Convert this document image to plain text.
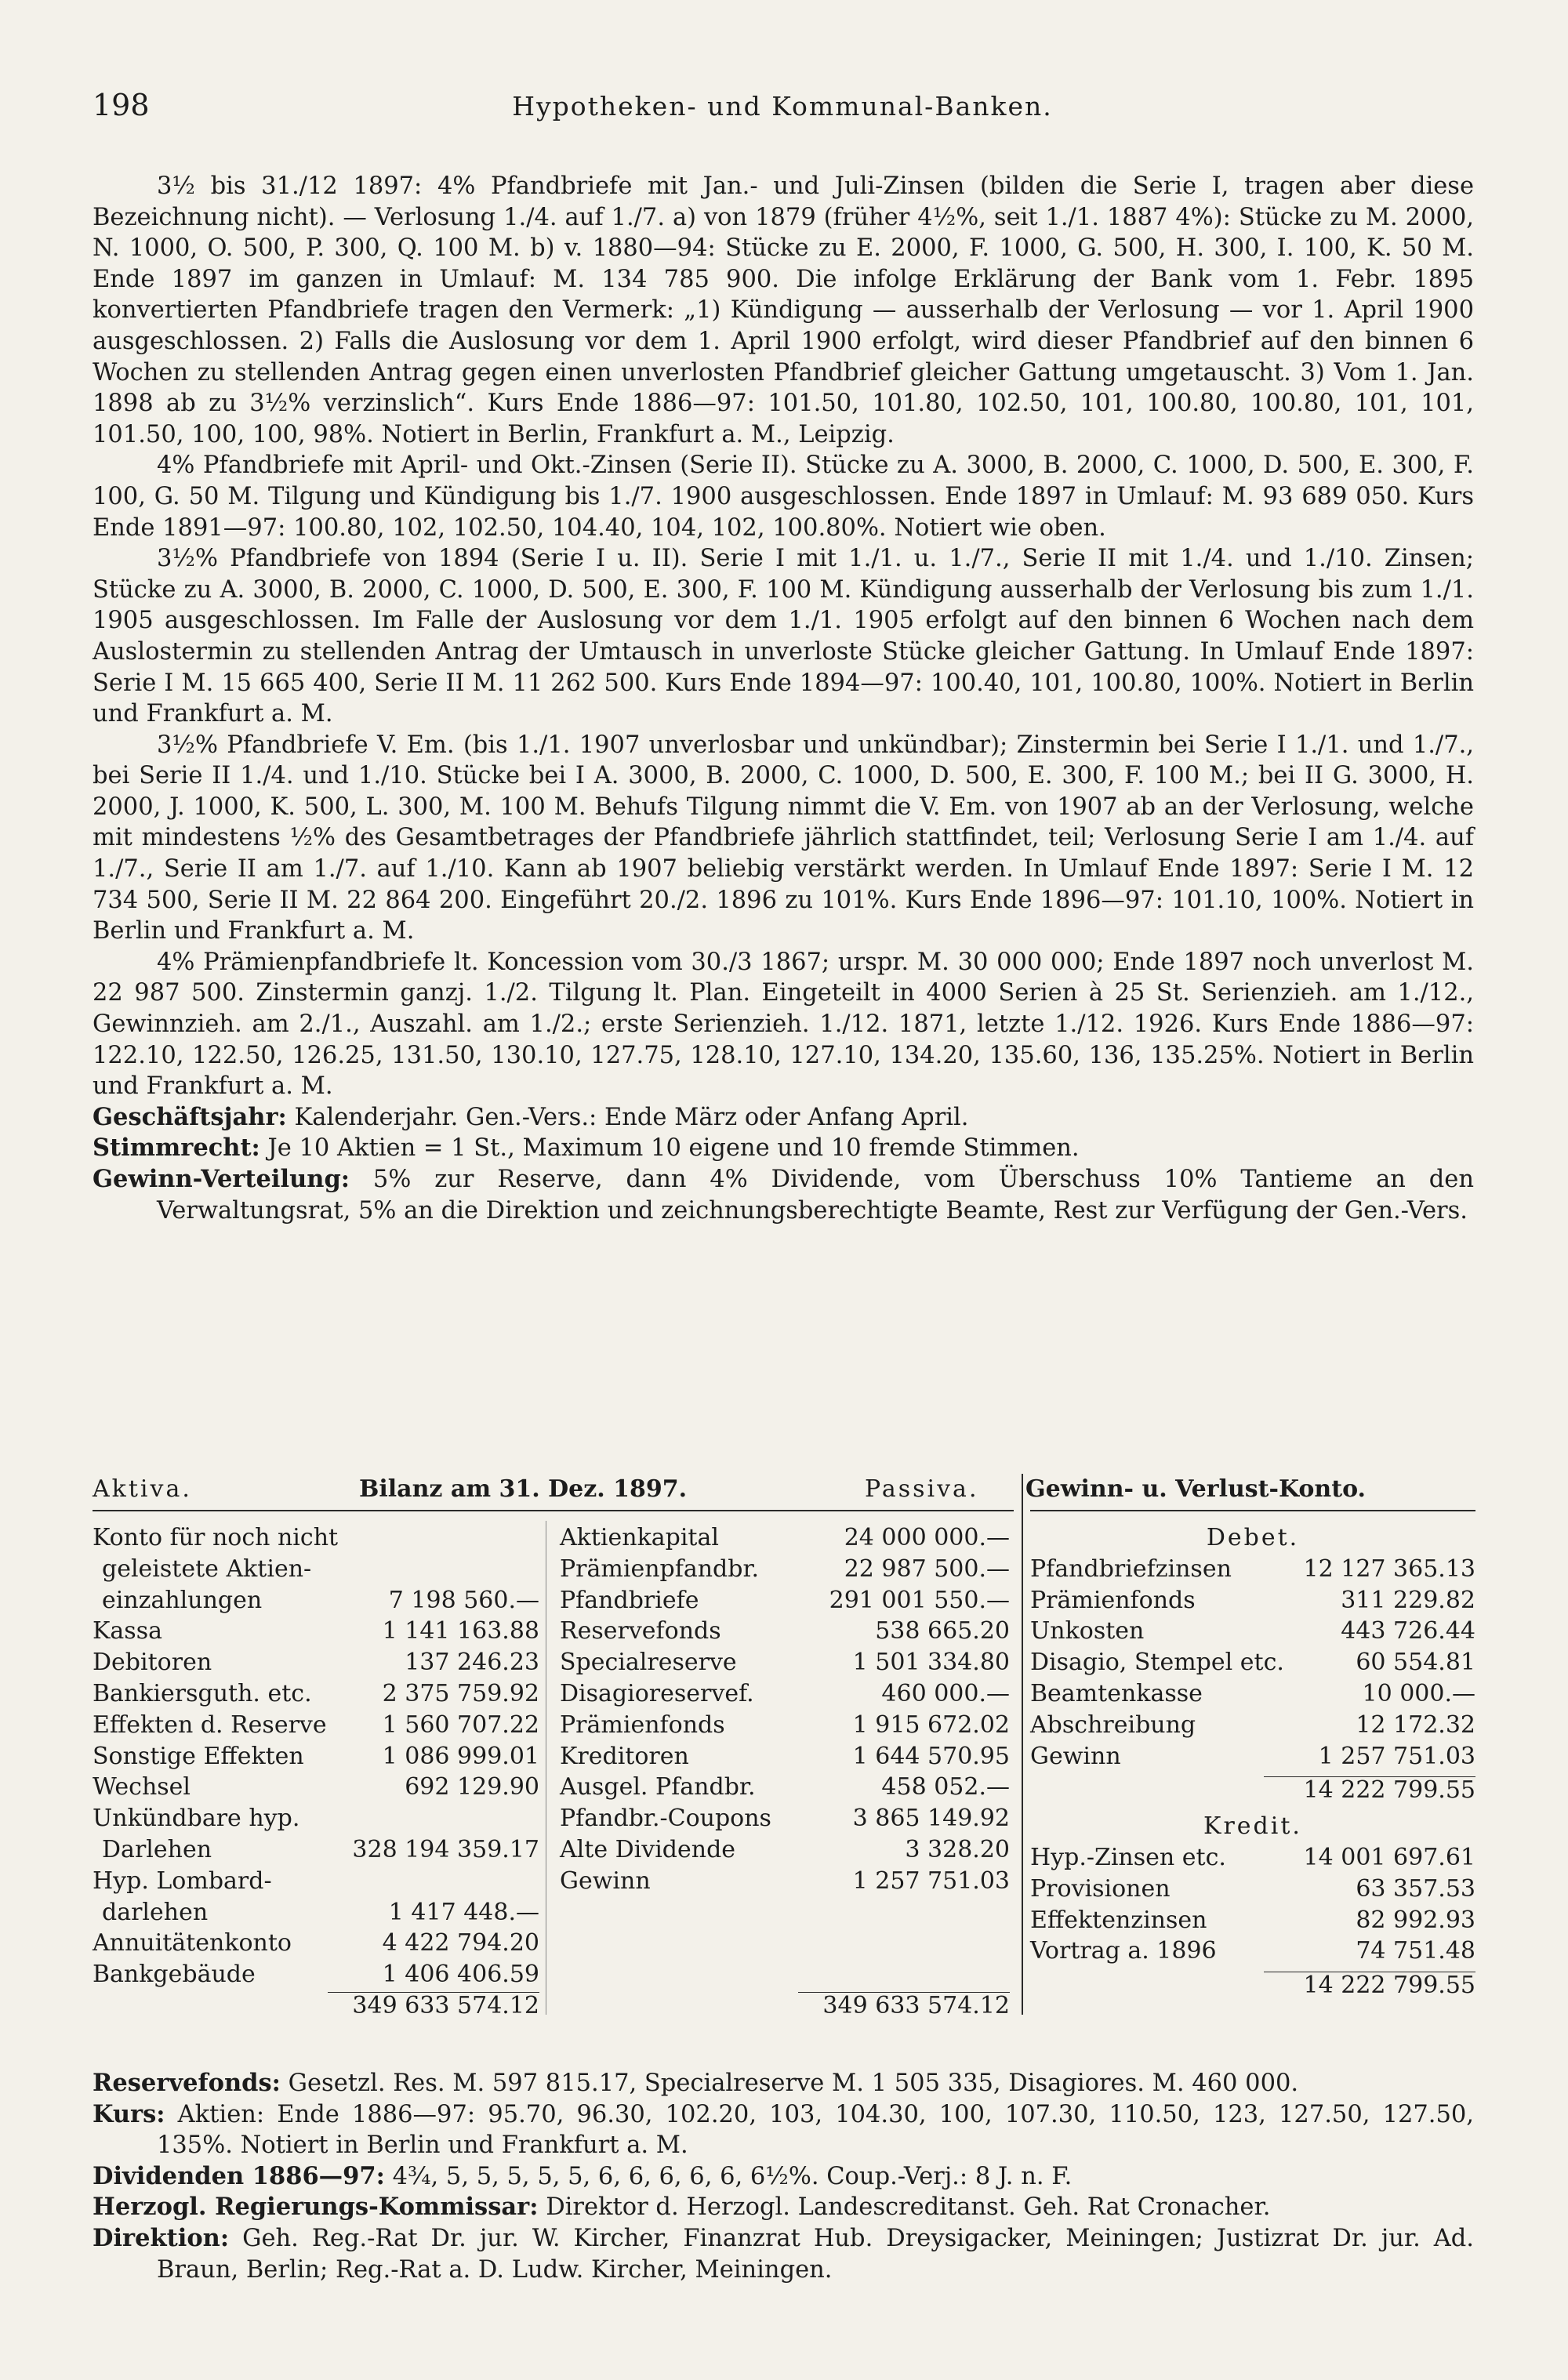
198	Hypotheken- und Kommunal-Banken.

3½ bis 31./12 1897: 4% Pfandbriefe mit Jan.- und Juli-Zinsen (bilden die Serie I, tragen aber diese Bezeichnung nicht). — Verlosung 1./4. auf 1./7. a) von 1879 (früher 4½%, seit 1./1. 1887 4%): Stücke zu M. 2000, N. 1000, O. 500, P. 300, Q. 100 M. b) v. 1880—94: Stücke zu E. 2000, F. 1000, G. 500, H. 300, I. 100, K. 50 M. Ende 1897 im ganzen in Umlauf: M. 134 785 900. Die infolge Erklärung der Bank vom 1. Febr. 1895 konvertierten Pfandbriefe tragen den Vermerk: „1) Kündigung — ausserhalb der Verlosung — vor 1. April 1900 ausgeschlossen. 2) Falls die Auslosung vor dem 1. April 1900 erfolgt, wird dieser Pfandbrief auf den binnen 6 Wochen zu stellenden Antrag gegen einen unverlosten Pfandbrief gleicher Gattung umgetauscht. 3) Vom 1. Jan. 1898 ab zu 3½% verzinslich“. Kurs Ende 1886—97: 101.50, 101.80, 102.50, 101, 100.80, 100.80, 101, 101, 101.50, 100, 100, 98%. Notiert in Berlin, Frankfurt a. M., Leipzig.

4% Pfandbriefe mit April- und Okt.-Zinsen (Serie II). Stücke zu A. 3000, B. 2000, C. 1000, D. 500, E. 300, F. 100, G. 50 M. Tilgung und Kündigung bis 1./7. 1900 ausgeschlossen. Ende 1897 in Umlauf: M. 93 689 050. Kurs Ende 1891—97: 100.80, 102, 102.50, 104.40, 104, 102, 100.80%. Notiert wie oben.

3½% Pfandbriefe von 1894 (Serie I u. II). Serie I mit 1./1. u. 1./7., Serie II mit 1./4. und 1./10. Zinsen; Stücke zu A. 3000, B. 2000, C. 1000, D. 500, E. 300, F. 100 M. Kündigung ausserhalb der Verlosung bis zum 1./1. 1905 ausgeschlossen. Im Falle der Auslosung vor dem 1./1. 1905 erfolgt auf den binnen 6 Wochen nach dem Auslostermin zu stellenden Antrag der Umtausch in unverloste Stücke gleicher Gattung. In Umlauf Ende 1897: Serie I M. 15 665 400, Serie II M. 11 262 500. Kurs Ende 1894—97: 100.40, 101, 100.80, 100%. Notiert in Berlin und Frankfurt a. M.

3½% Pfandbriefe V. Em. (bis 1./1. 1907 unverlosbar und unkündbar); Zinstermin bei Serie I 1./1. und 1./7., bei Serie II 1./4. und 1./10. Stücke bei I A. 3000, B. 2000, C. 1000, D. 500, E. 300, F. 100 M.; bei II G. 3000, H. 2000, J. 1000, K. 500, L. 300, M. 100 M. Behufs Tilgung nimmt die V. Em. von 1907 ab an der Verlosung, welche mit mindestens ½% des Gesamtbetrages der Pfandbriefe jährlich stattfindet, teil; Verlosung Serie I am 1./4. auf 1./7., Serie II am 1./7. auf 1./10. Kann ab 1907 beliebig verstärkt werden. In Umlauf Ende 1897: Serie I M. 12 734 500, Serie II M. 22 864 200. Eingeführt 20./2. 1896 zu 101%. Kurs Ende 1896—97: 101.10, 100%. Notiert in Berlin und Frankfurt a. M.

4% Prämienpfandbriefe lt. Koncession vom 30./3 1867; urspr. M. 30 000 000; Ende 1897 noch unverlost M. 22 987 500. Zinstermin ganzj. 1./2. Tilgung lt. Plan. Eingeteilt in 4000 Serien à 25 St. Serienzieh. am 1./12., Gewinnzieh. am 2./1., Auszahl. am 1./2.; erste Serienzieh. 1./12. 1871, letzte 1./12. 1926. Kurs Ende 1886—97: 122.10, 122.50, 126.25, 131.50, 130.10, 127.75, 128.10, 127.10, 134.20, 135.60, 136, 135.25%. Notiert in Berlin und Frankfurt a. M.

Geschäftsjahr: Kalenderjahr. Gen.-Vers.: Ende März oder Anfang April.

Stimmrecht: Je 10 Aktien = 1 St., Maximum 10 eigene und 10 fremde Stimmen.

Gewinn-Verteilung: 5% zur Reserve, dann 4% Dividende, vom Überschuss 10% Tantieme an den Verwaltungsrat, 5% an die Direktion und zeichnungsberechtigte Beamte, Rest zur Verfügung der Gen.-Vers.

Aktiva.	Bilanz am 31. Dez. 1897.	Passiva. Gewinn- u. Verlust-Konto.
Konto für noch nicht
geleistete Aktien-
einzahlungen	7 198 560.—
Kassa	1 141 163.88
Debitoren	137 246.23
Bankiersguth. etc.	2 375 759.92
Effekten d. Reserve 1 560 707.22
Sonstige Effekten	1 086 999.01
Wechsel	692 129.90
Unkündbare hyp.
Darlehen	328 194 359.17
Hyp. Lombard-
darlehen	1 417 448.—
Annuitätenkonto	4 422 794.20
Bankgebäude	1 406 406.59
349 633 574.12
Aktienkapital	24 000 000.—
Prämienpfandbr.	22 987 500.—
Pfandbriefe	291 001 550.—
Reservefonds	538 665.20
Specialreserve	1 501 334.80
Disagioreservef.	460 000.—
Prämienfonds	1 915 672.02
Kreditoren	1 644 570.95
Ausgel. Pfandbr.	458 052.—
Pfandbr.-Coupons	3 865 149.92
Alte Dividende	3 328.20
Gewinn	1 257 751.03
349 633 574.12
Debet.
Pfandbriefzinsen	12 127 365.13
Prämienfonds	311 229.82
Unkosten	443 726.44
Disagio, Stempel etc.	60 554.81
Beamtenkasse	10 000.—
Abschreibung	12 172.32
Gewinn	1 257 751.03
14 222 799.55
Kredit.
Hyp.-Zinsen etc.	14 001 697.61
Provisionen	63 357.53
Effektenzinsen	82 992.93
Vortrag a. 1896	74 751.48
14 222 799.55

Reservefonds: Gesetzl. Res. M. 597 815.17, Specialreserve M. 1 505 335, Disagiores. M. 460 000.

Kurs: Aktien: Ende 1886—97: 95.70, 96.30, 102.20, 103, 104.30, 100, 107.30, 110.50, 123, 127.50, 127.50, 135%. Notiert in Berlin und Frankfurt a. M.

Dividenden 1886—97: 4¾, 5, 5, 5, 5, 5, 6, 6, 6, 6, 6, 6½%. Coup.-Verj.: 8 J. n. F.

Herzogl. Regierungs-Kommissar: Direktor d. Herzogl. Landescreditanst. Geh. Rat Cronacher.

Direktion: Geh. Reg.-Rat Dr. jur. W. Kircher, Finanzrat Hub. Dreysigacker, Meiningen; Justizrat Dr. jur. Ad. Braun, Berlin; Reg.-Rat a. D. Ludw. Kircher, Meiningen.
